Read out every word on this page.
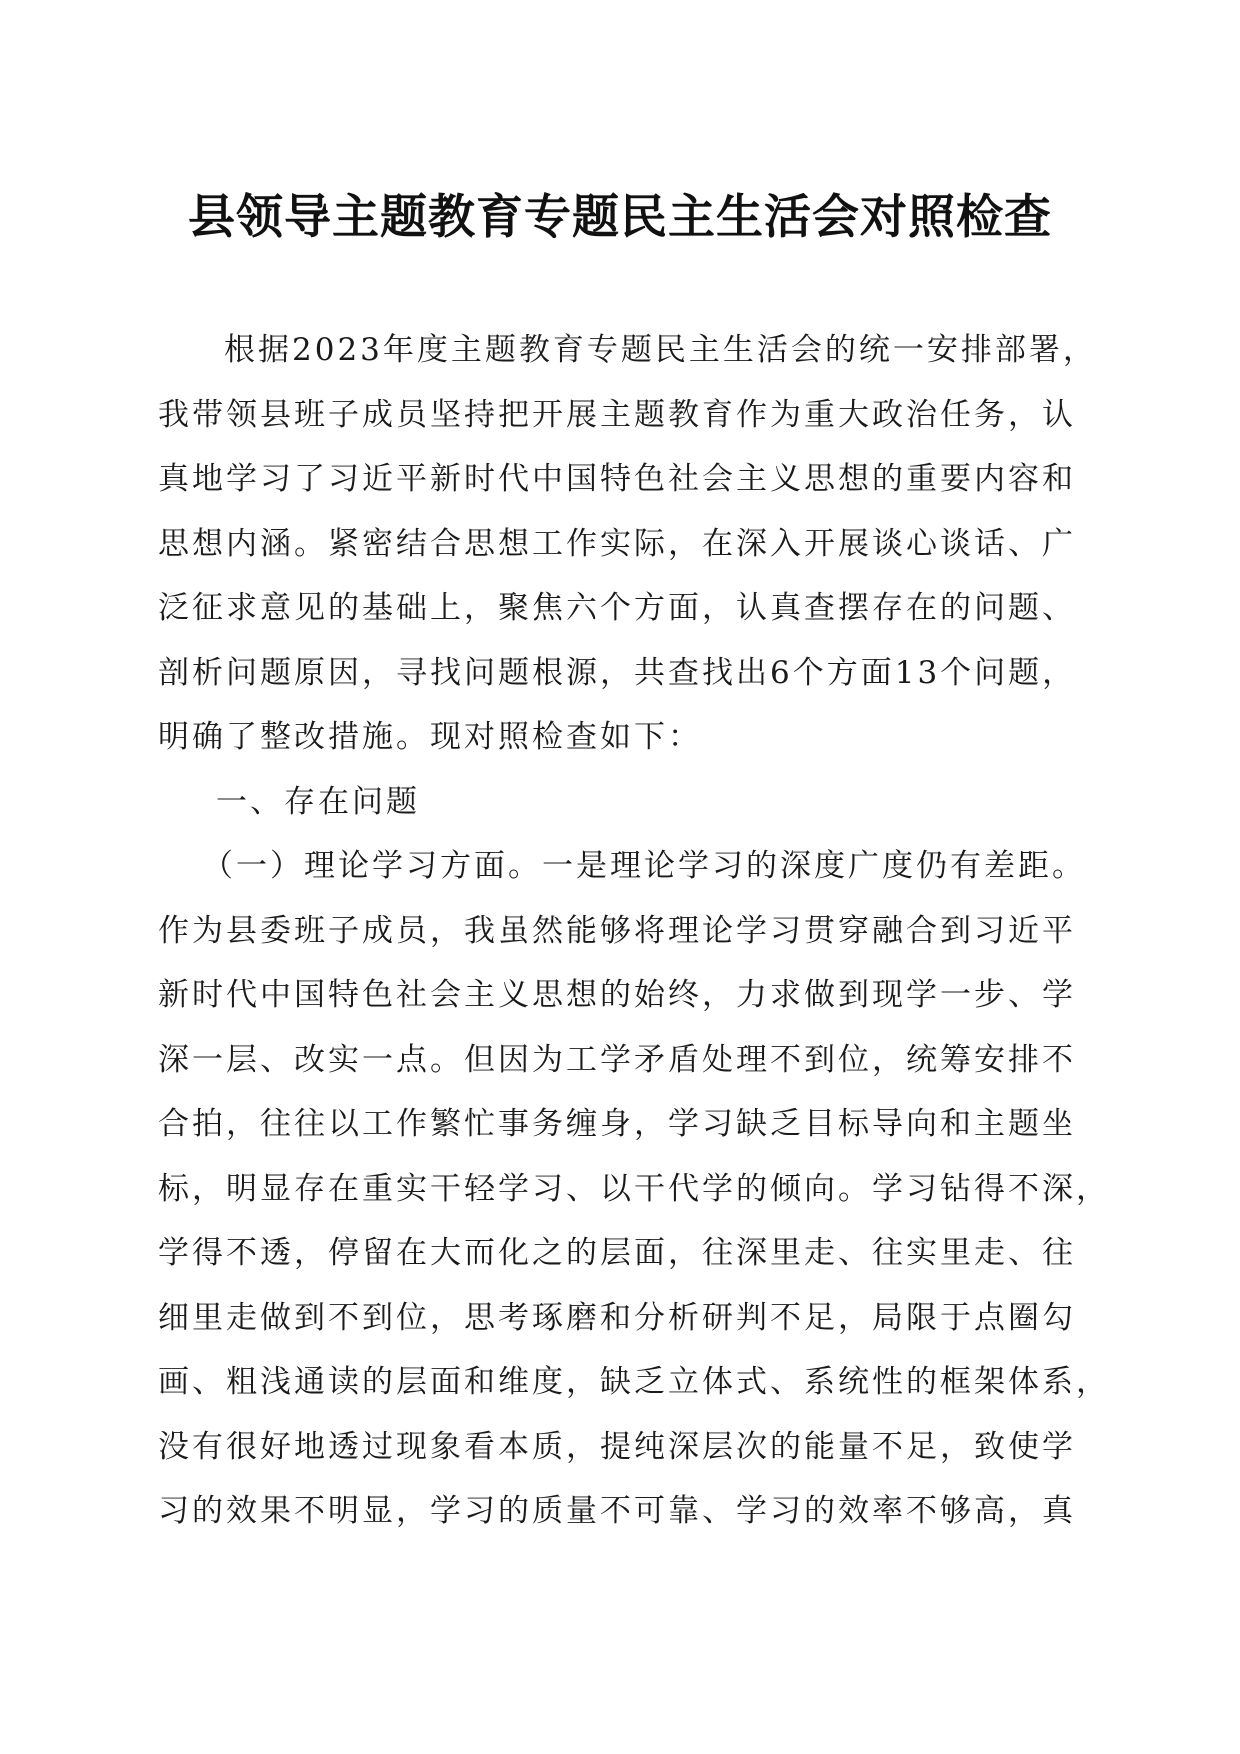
县领导主题教育专题民主生活会对照检查
根据2023年度主题教育专题民主生活会的统一安排部署，
我带领县班子成员坚持把开展主题教育作为重大政治任务，认
真地学习了习近平新时代中国特色社会主义思想的重要内容和
思想内涵。紧密结合思想工作实际，在深入开展谈心谈话、广
泛征求意见的基础上，聚焦六个方面，认真查摆存在的问题、
剖析问题原因，寻找问题根源，共查找出6个方面13个问题，
明确了整改措施。现对照检查如下：
一、存在问题
（一）理论学习方面。一是理论学习的深度广度仍有差距。
作为县委班子成员，我虽然能够将理论学习贯穿融合到习近平
新时代中国特色社会主义思想的始终，力求做到现学一步、学
深一层、改实一点。但因为工学矛盾处理不到位，统筹安排不
合拍，往往以工作繁忙事务缠身，学习缺乏目标导向和主题坐
标，明显存在重实干轻学习、以干代学的倾向。学习钻得不深，
学得不透，停留在大而化之的层面，往深里走、往实里走、往
细里走做到不到位，思考琢磨和分析研判不足，局限于点圈勾
画、粗浅通读的层面和维度，缺乏立体式、系统性的框架体系，
没有很好地透过现象看本质，提纯深层次的能量不足，致使学
习的效果不明显，学习的质量不可靠、学习的效率不够高，真
